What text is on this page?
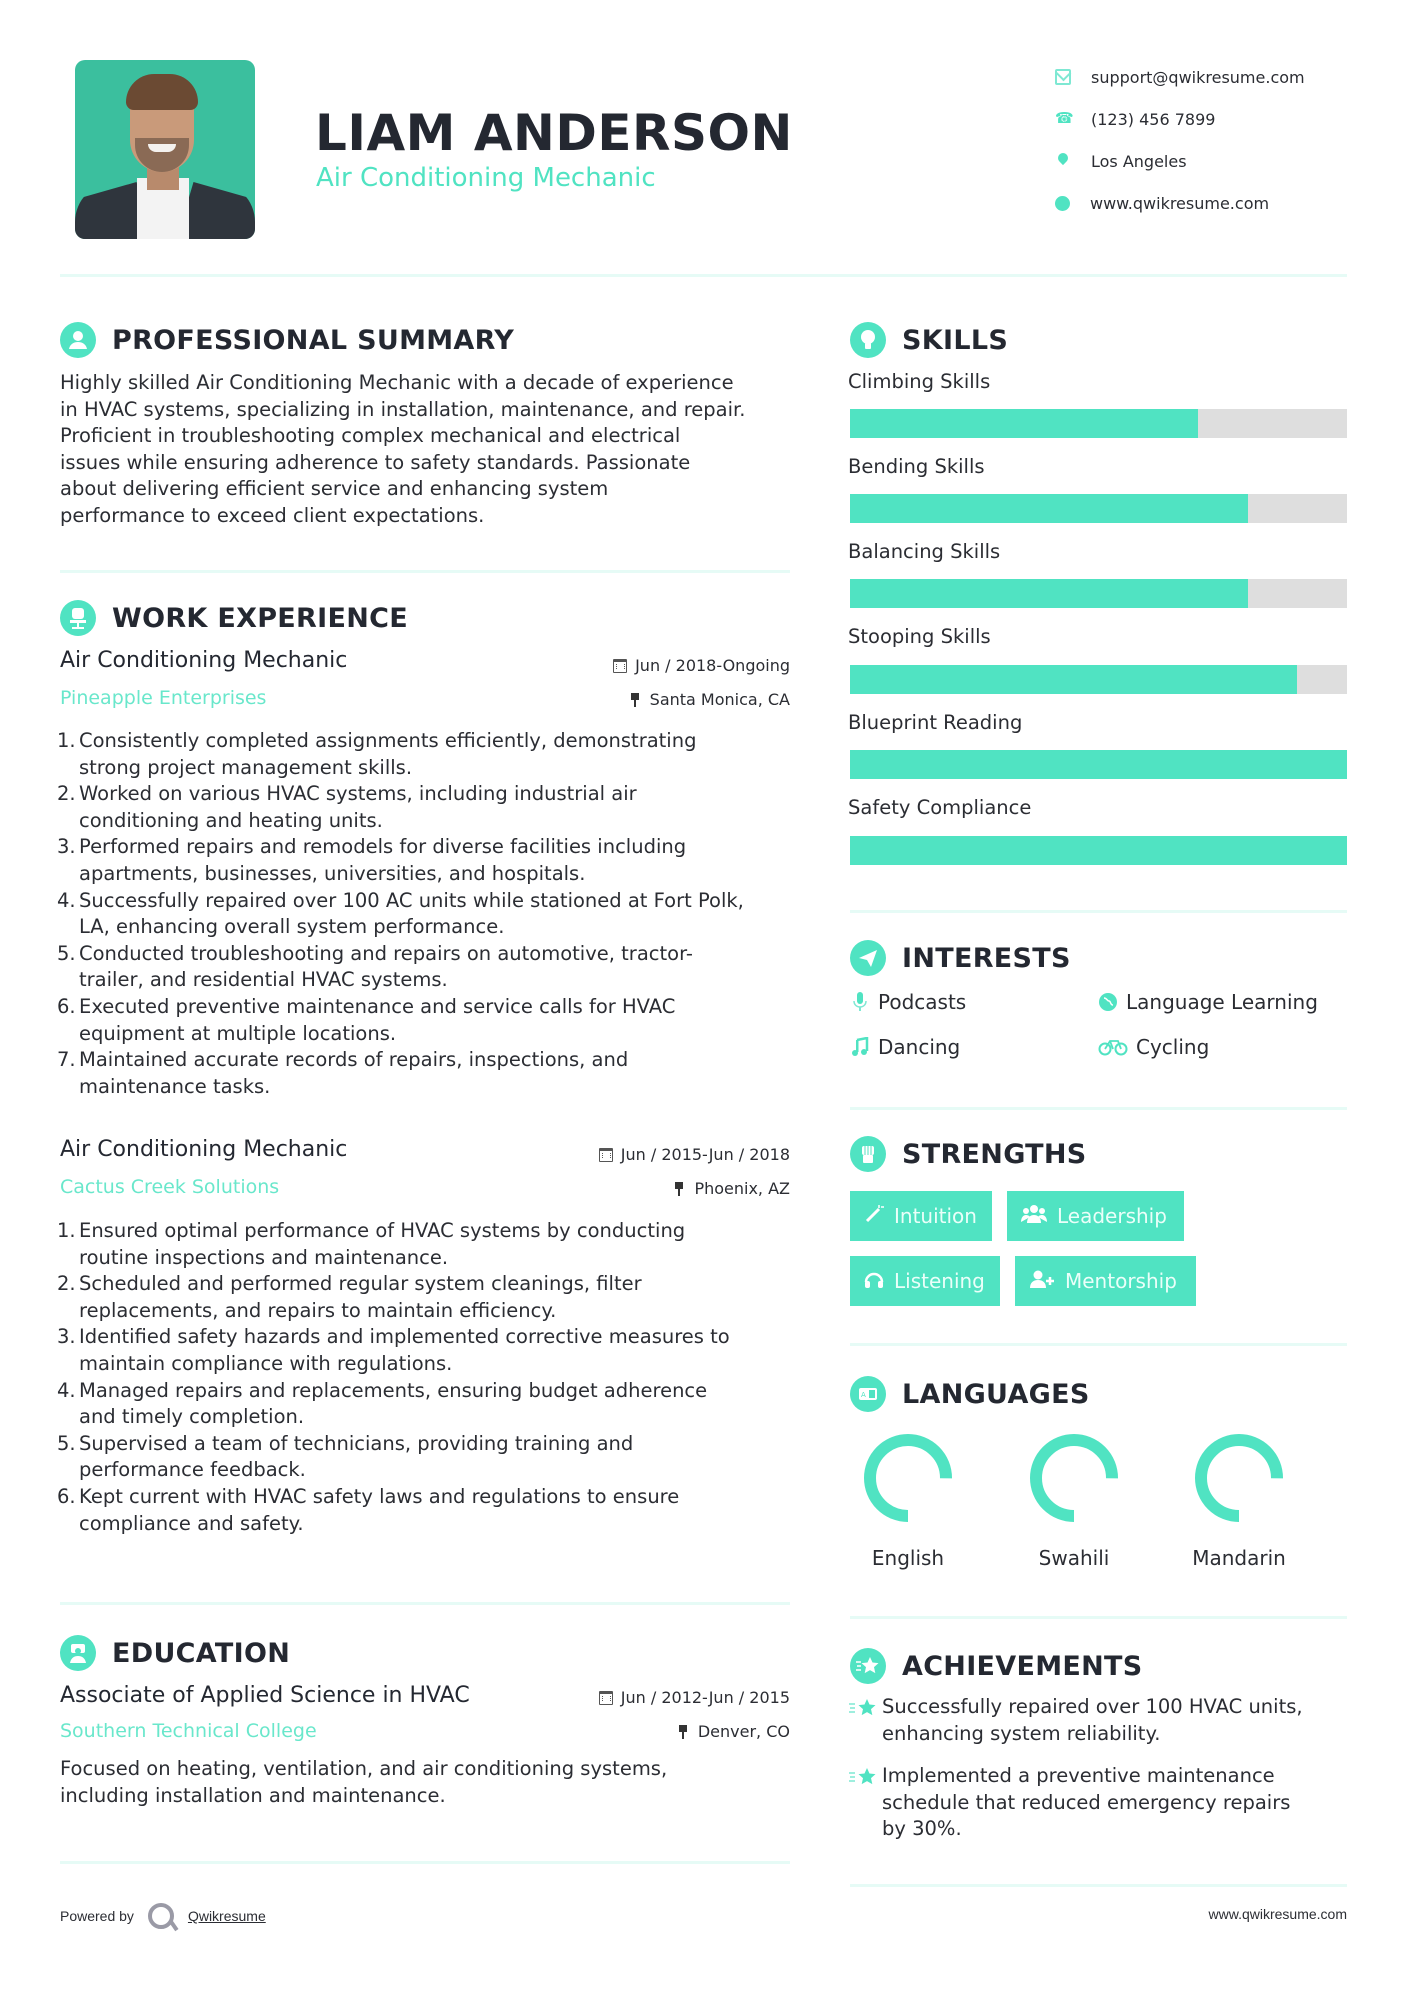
LIAM ANDERSON
Air Conditioning Mechanic
support@qwikresume.com
☎
(123) 456 7899
Los Angeles
www.qwikresume.com
PROFESSIONAL SUMMARY
Highly skilled Air Conditioning Mechanic with a decade of experience
in HVAC systems, specializing in installation, maintenance, and repair.
Proficient in troubleshooting complex mechanical and electrical
issues while ensuring adherence to safety standards. Passionate
about delivering efficient service and enhancing system
performance to exceed client expectations.
WORK EXPERIENCE
Air Conditioning Mechanic	Jun / 2018-Ongoing
Pineapple Enterprises	Santa Monica, CA
1. Consistently completed assignments efficiently, demonstrating
strong project management skills.
2. Worked on various HVAC systems, including industrial air
conditioning and heating units.
3. Performed repairs and remodels for diverse facilities including
apartments, businesses, universities, and hospitals.
4. Successfully repaired over 100 AC units while stationed at Fort Polk,
LA, enhancing overall system performance.
5. Conducted troubleshooting and repairs on automotive, tractor-
trailer, and residential HVAC systems.
6. Executed preventive maintenance and service calls for HVAC
equipment at multiple locations.
7. Maintained accurate records of repairs, inspections, and
maintenance tasks.
Air Conditioning Mechanic	Jun / 2015-Jun / 2018
Cactus Creek Solutions	Phoenix, AZ
1. Ensured optimal performance of HVAC systems by conducting
routine inspections and maintenance.
2. Scheduled and performed regular system cleanings, filter
replacements, and repairs to maintain efficiency.
3. Identified safety hazards and implemented corrective measures to
maintain compliance with regulations.
4. Managed repairs and replacements, ensuring budget adherence
and timely completion.
5. Supervised a team of technicians, providing training and
performance feedback.
6. Kept current with HVAC safety laws and regulations to ensure
compliance and safety.
EDUCATION
Associate of Applied Science in HVAC	Jun / 2012-Jun / 2015
Southern Technical College	Denver, CO
Focused on heating, ventilation, and air conditioning systems,
including installation and maintenance.
SKILLS
Climbing Skills
Bending Skills
Balancing Skills
Stooping Skills
Blueprint Reading
Safety Compliance
INTERESTS
Podcasts	Language Learning
Dancing	Cycling
STRENGTHS
Intuition	Leadership
Listening	Mentorship
A LANGUAGES
English	Swahili	Mandarin
ACHIEVEMENTS
Successfully repaired over 100 HVAC units,
enhancing system reliability.
Implemented a preventive maintenance
schedule that reduced emergency repairs
by 30%.
Powered by	Qwikresume	www.qwikresume.com
